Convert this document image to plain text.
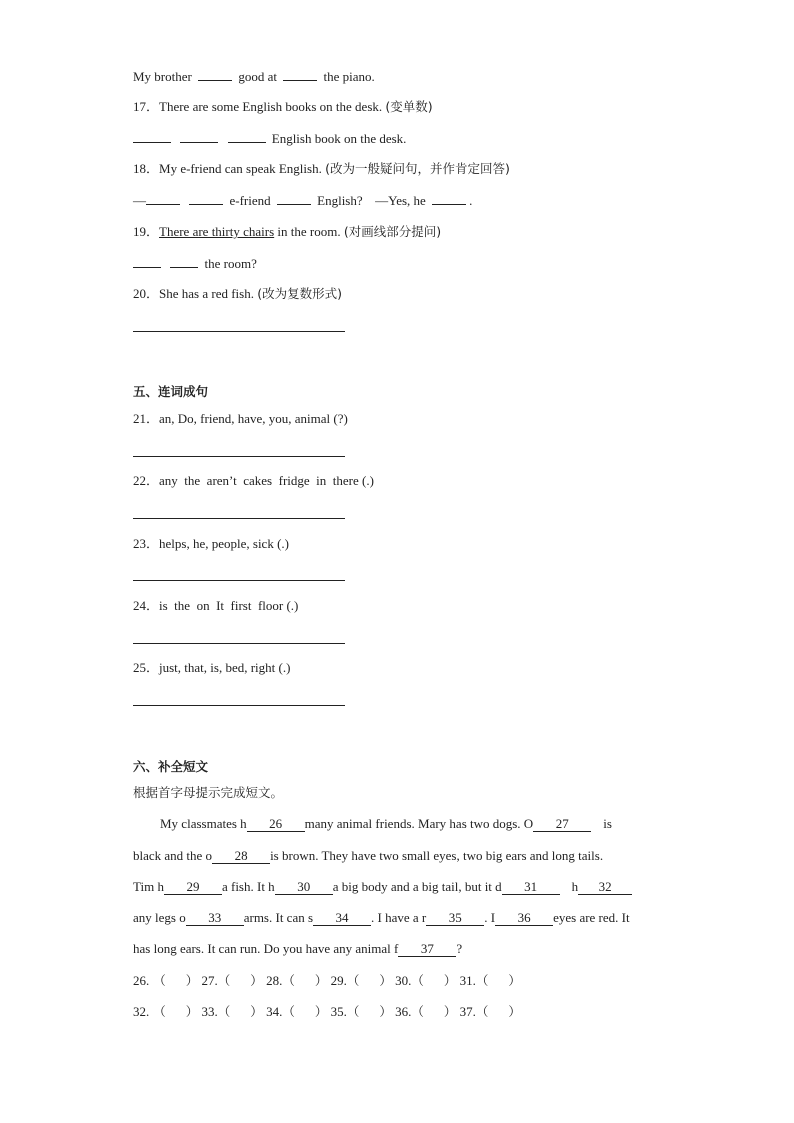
My brother	good at	the piano.
17．There are some English books on the desk. (变单数)
English book on the desk.
18．My e-friend can speak English. (改为一般疑问句，并作肯定回答)
—	e-friend	English? —Yes, he	.
19．There are thirty chairs in the room. (对画线部分提问)
the room?
20．She has a red fish. (改为复数形式)
五、连词成句
21．an, Do, friend, have, you, animal (?)
22．any  the  aren’t  cakes  fridge  in  there (.)
23．helps, he, people, sick (.)
24．is  the  on  It  first  floor (.)
25．just, that, is, bed, right (.)
六、补全短文
根据首字母提示完成短文。
My classmates h 26 many animal friends. Mary has two dogs. O 27	is
black and the o 28 is brown. They have two small eyes, two big ears and long tails.
Tim h 29 a fish. It h 30 a big body and a big tail, but it d 31	h 32
any legs o 33 arms. It can s 34 . I have a r 35 . I 36 eyes are red. It
has long ears. It can run. Do you have any animal f 37 ?
26. （ ） 27.（ ） 28.（ ） 29.（ ） 30.（ ） 31.（ ）
32. （ ） 33.（ ） 34.（ ） 35.（ ） 36.（ ） 37.（ ）
